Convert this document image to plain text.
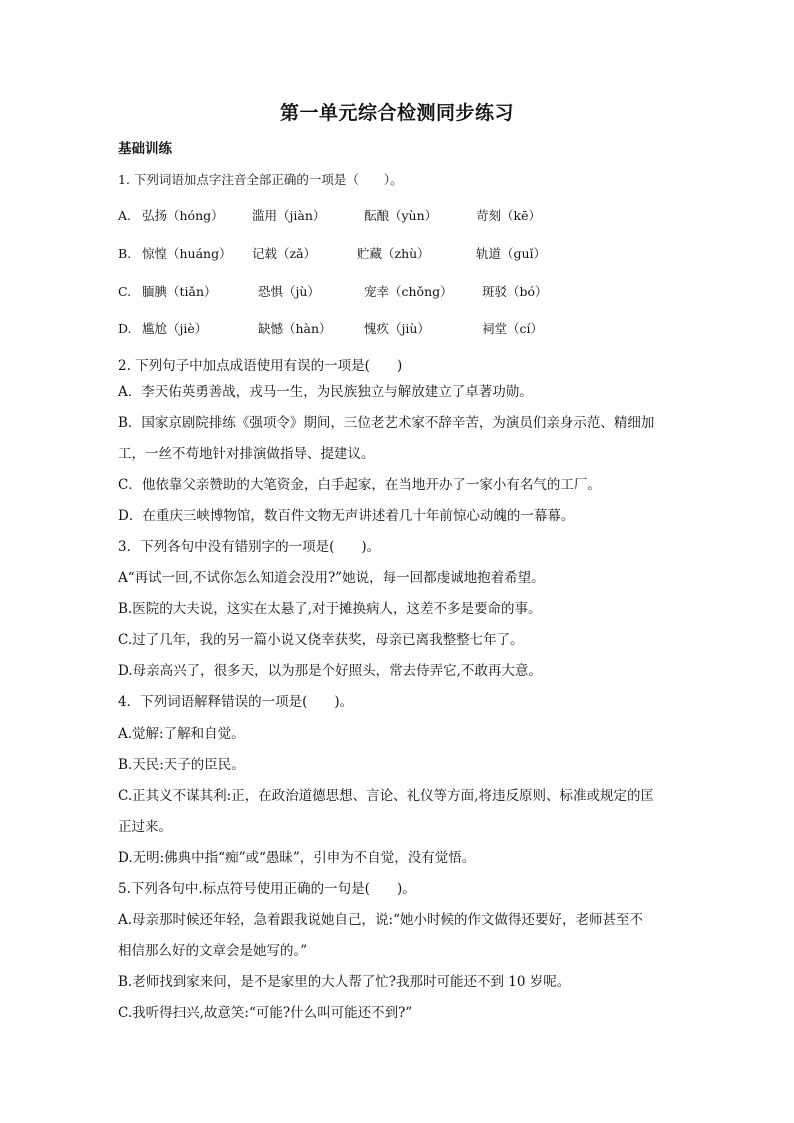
第一单元综合检测同步练习
基础训练
1. 下列词语加点字注音全部正确的一项是（　　）。
A. 弘扬（hóng） 滥用（jiàn）	酝酿（yùn）	苛刻（kē）
B. 惊惶（huáng） 记载（zǎ）	贮藏（zhù）	轨道（ɡuǐ）
C. 腼腆（tiǎn）	恐惧（jù）	宠幸（chǒng） 斑驳（bó）
D. 尴尬（jiè）	缺憾（hàn）	愧疚（jiù）	祠堂（cí）
2. 下列句子中加点成语使用有误的一项是(　　)
A．李天佑英勇善战，戎马一生，为民族独立与解放建立了卓著功勋。
B．国家京剧院排练《强项令》期间，三位老艺术家不辞辛苦，为演员们亲身示范、精细加
工，一丝不苟地针对排演做指导、提建议。
C．他依靠父亲赞助的大笔资金，白手起家，在当地开办了一家小有名气的工厂。
D．在重庆三峡博物馆，数百件文物无声讲述着几十年前惊心动魄的一幕幕。
3．下列各句中没有错别字的一项是(　　)。
A“再试一回,不试你怎么知道会没用?”她说，每一回都虔诚地抱着希望。
B.医院的大夫说，这实在太悬了,对于摊换病人，这差不多是要命的事。
C.过了几年，我的另一篇小说又侥幸获奖，母亲已离我整整七年了。
D.母亲高兴了，很多天，以为那是个好照头，常去侍弄它,不敢再大意。
4．下列词语解释错误的一项是(　　)。
A.觉解:了解和自觉。
B.天民:天子的臣民。
C.正其义不谋其利:正，在政治道德思想、言论、礼仪等方面,将违反原则、标准或规定的匡
正过来。
D.无明:佛典中指“痴”或“愚昧”，引申为不自觉，没有觉悟。
5.下列各句中.标点符号使用正确的一句是(　　)。
A.母亲那时候还年轻，急着跟我说她自己，说:“她小时候的作文做得还要好，老师甚至不
相信那么好的文章会是她写的。”
B.老师找到家来问，是不是家里的大人帮了忙?我那时可能还不到 10 岁呢。
C.我听得扫兴,故意笑:“可能?什么叫可能还不到?”
